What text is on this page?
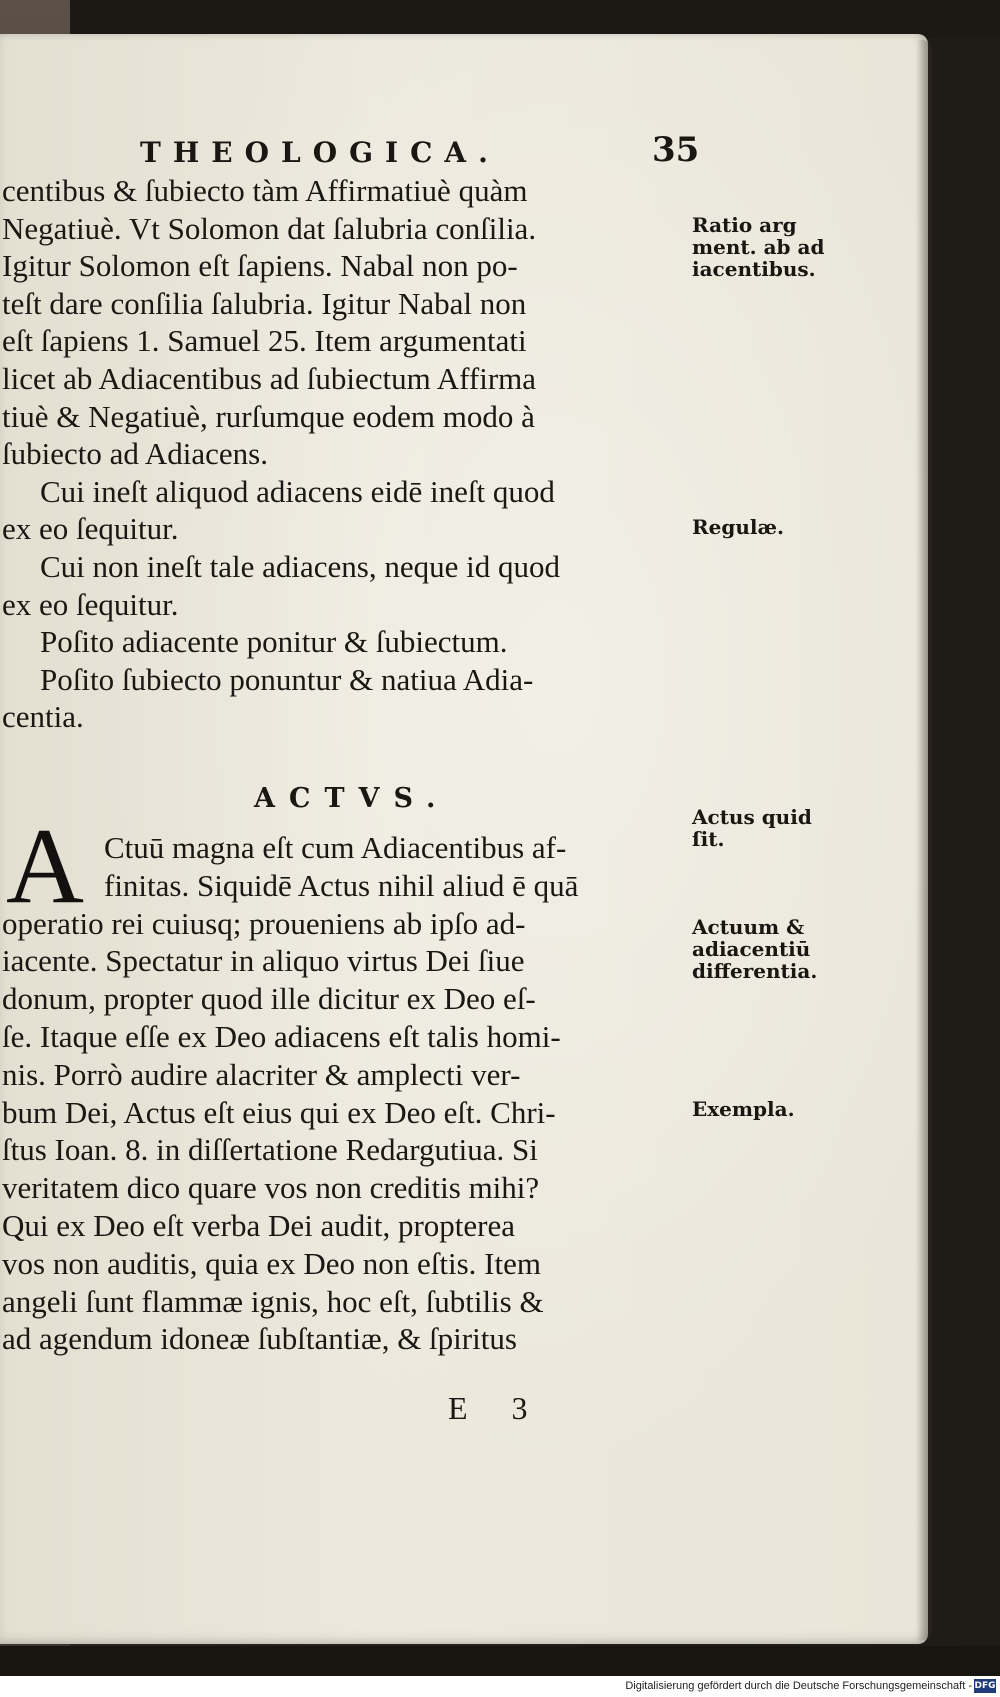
THEOLOGICA.	35
centibus & ſubiecto tàm Affirmatiuè quàm
Negatiuè. Vt Solomon dat ſalubria conſilia.
Igitur Solomon eſt ſapiens. Nabal non po-
teſt dare conſilia ſalubria. Igitur Nabal non
eſt ſapiens 1. Samuel 25. Item argumentati
licet ab Adiacentibus ad ſubiectum Affirma
tiuè & Negatiuè, rurſumque eodem modo à
ſubiecto ad Adiacens.
Cui ineſt aliquod adiacens eidē ineſt quod
ex eo ſequitur.
Cui non ineſt tale adiacens, neque id quod
ex eo ſequitur.
Poſito adiacente ponitur & ſubiectum.
Poſito ſubiecto ponuntur & natiua Adia-
centia.
ACTVS.
A Ctuū magna eſt cum Adiacentibus af-
finitas. Siquidē Actus nihil aliud ē quā
operatio rei cuiusq; proueniens ab ipſo ad-
iacente. Spectatur in aliquo virtus Dei ſiue
donum, propter quod ille dicitur ex Deo eſ-
ſe. Itaque eſſe ex Deo adiacens eſt talis homi-
nis. Porrò audire alacriter & amplecti ver-
bum Dei, Actus eſt eius qui ex Deo eſt. Chri-
ſtus Ioan. 8. in diſſertatione Redargutiua. Si
veritatem dico quare vos non creditis mihi?
Qui ex Deo eſt verba Dei audit, propterea
vos non auditis, quia ex Deo non eſtis. Item
angeli ſunt flammæ ignis, hoc eſt, ſubtilis &
ad agendum idoneæ ſubſtantiæ, & ſpiritus
Ratio arg
ment. ab ad
iacentibus.
Regulæ.
Actus quid
ſit.
Actuum &
adiacentiū
differentia.
Exempla.
E 3
Digitalisierung gefördert durch die Deutsche Forschungsgemeinschaft - DFG
